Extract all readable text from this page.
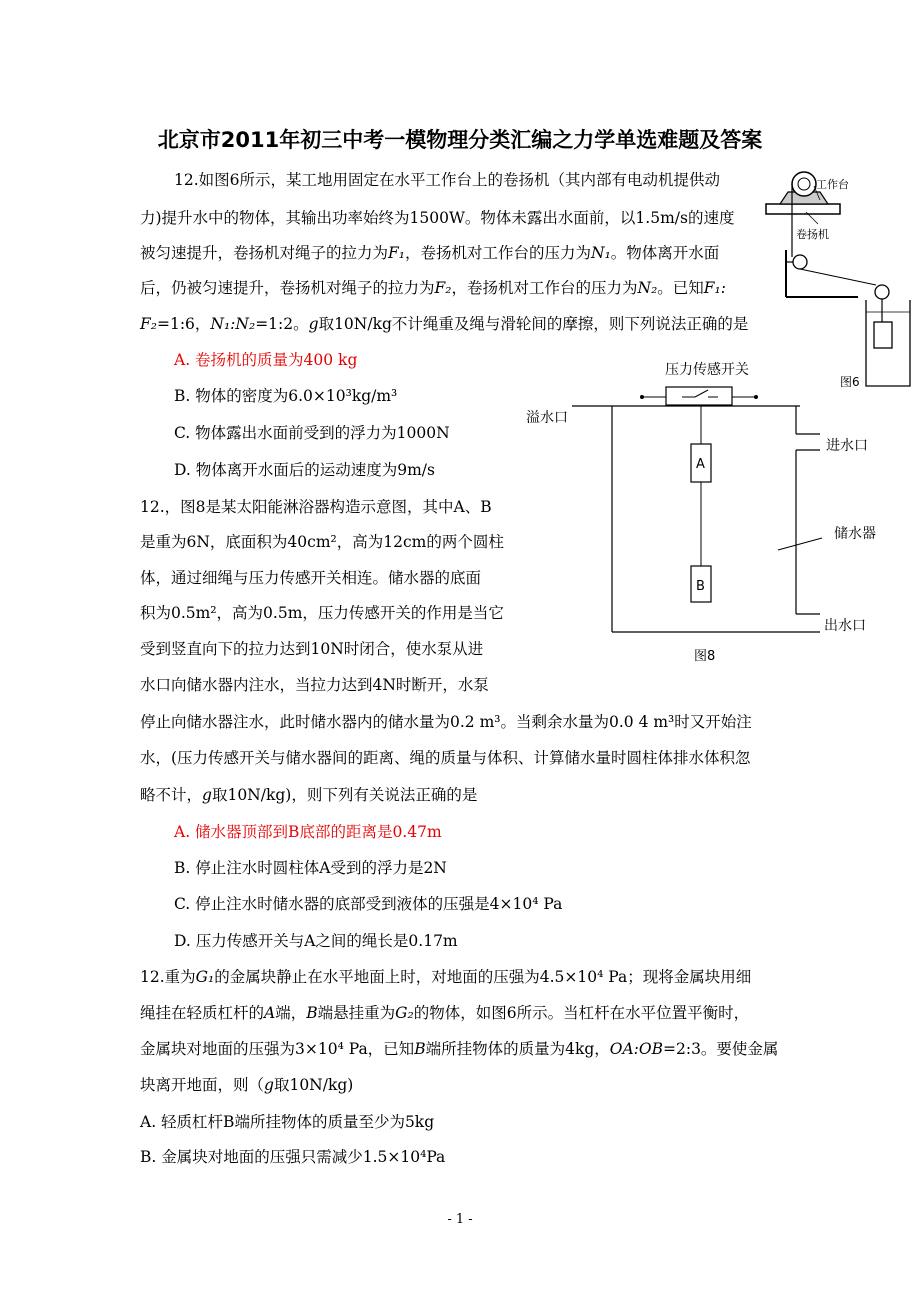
北京市2011年初三中考一模物理分类汇编之力学单选难题及答案
12.如图6所示，某工地用固定在水平工作台上的卷扬机（其内部有电动机提供动
力)提升水中的物体，其输出功率始终为1500W。物体未露出水面前，以1.5m/s的速度
被匀速提升，卷扬机对绳子的拉力为F₁，卷扬机对工作台的压力为N₁。物体离开水面
后，仍被匀速提升，卷扬机对绳子的拉力为F₂，卷扬机对工作台的压力为N₂。已知F₁:
F₂=1:6，N₁:N₂=1:2。g取10N/kg不计绳重及绳与滑轮间的摩擦，则下列说法正确的是
A. 卷扬机的质量为400 kg
B. 物体的密度为6.0×10³kg/m³
C. 物体露出水面前受到的浮力为1000N
D. 物体离开水面后的运动速度为9m/s
12.，图8是某太阳能淋浴器构造示意图，其中A、B
是重为6N，底面积为40cm²，高为12cm的两个圆柱
体，通过细绳与压力传感开关相连。储水器的底面
积为0.5m²，高为0.5m，压力传感开关的作用是当它
受到竖直向下的拉力达到10N时闭合，使水泵从进
水口向储水器内注水，当拉力达到4N时断开，水泵
停止向储水器注水，此时储水器内的储水量为0.2 m³。当剩余水量为0.0 4 m³时又开始注
水，(压力传感开关与储水器间的距离、绳的质量与体积、计算储水量时圆柱体排水体积忽
略不计，g取10N/kg)，则下列有关说法正确的是
A. 储水器顶部到B底部的距离是0.47m
B. 停止注水时圆柱体A受到的浮力是2N
C. 停止注水时储水器的底部受到液体的压强是4×10⁴ Pa
D. 压力传感开关与A之间的绳长是0.17m
12.重为G₁的金属块静止在水平地面上时，对地面的压强为4.5×10⁴ Pa；现将金属块用细
绳挂在轻质杠杆的A端，B端悬挂重为G₂的物体，如图6所示。当杠杆在水平位置平衡时，
金属块对地面的压强为3×10⁴ Pa，已知B端所挂物体的质量为4kg，OA:OB=2:3。要使金属
块离开地面，则（g取10N/kg)
A. 轻质杠杆B端所挂物体的质量至少为5kg
B. 金属块对地面的压强只需减少1.5×10⁴Pa
工作台
卷扬机
图6
压力传感开关
A
B
溢水口
进水口
储水器
出水口
图8
- 1 -
